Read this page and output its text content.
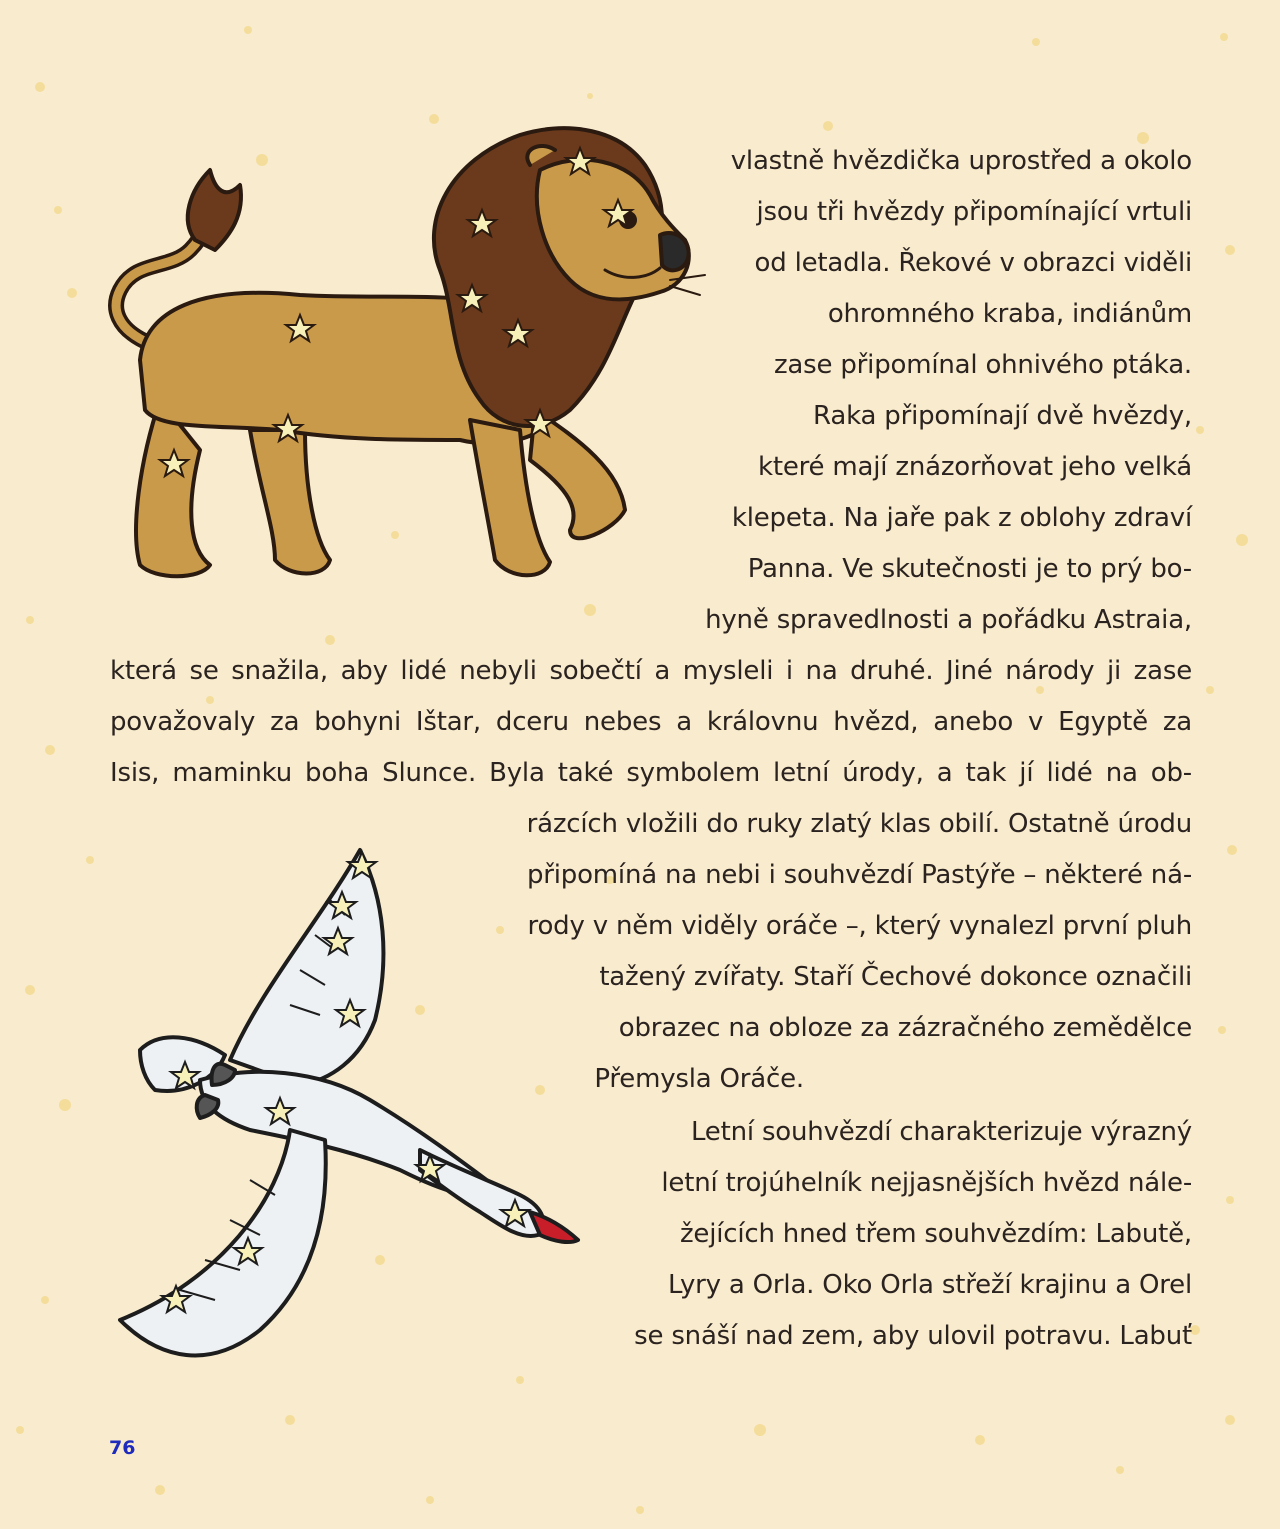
vlastně hvězdička uprostřed a okolo

jsou tři hvězdy připomínající vrtuli

od letadla. Řekové v obrazci viděli

ohromného kraba, indiánům

zase připomínal ohnivého ptáka.

Raka připomínají dvě hvězdy,

které mají znázorňovat jeho velká

klepeta. Na jaře pak z oblohy zdraví

Panna. Ve skutečnosti je to prý bo-

hyně spravedlnosti a pořádku Astraia,

která se snažila, aby lidé nebyli sobečtí a mysleli i na druhé. Jiné národy ji zase

považovaly za bohyni Ištar, dceru nebes a královnu hvězd, anebo v Egyptě za

Isis, maminku boha Slunce. Byla také symbolem letní úrody, a tak jí lidé na ob-

rázcích vložili do ruky zlatý klas obilí. Ostatně úrodu

připomíná na nebi i souhvězdí Pastýře – některé ná-

rody v něm viděly oráče –, který vynalezl první pluh

tažený zvířaty. Staří Čechové dokonce označili

obrazec na obloze za zázračného zemědělce

Přemysla Oráče.

Letní souhvězdí charakterizuje výrazný

letní trojúhelník nejjasnějších hvězd nále-

žejících hned třem souhvězdím: Labutě,

Lyry a Orla. Oko Orla střeží krajinu a Orel

se snáší nad zem, aby ulovil potravu. Labuť

76
